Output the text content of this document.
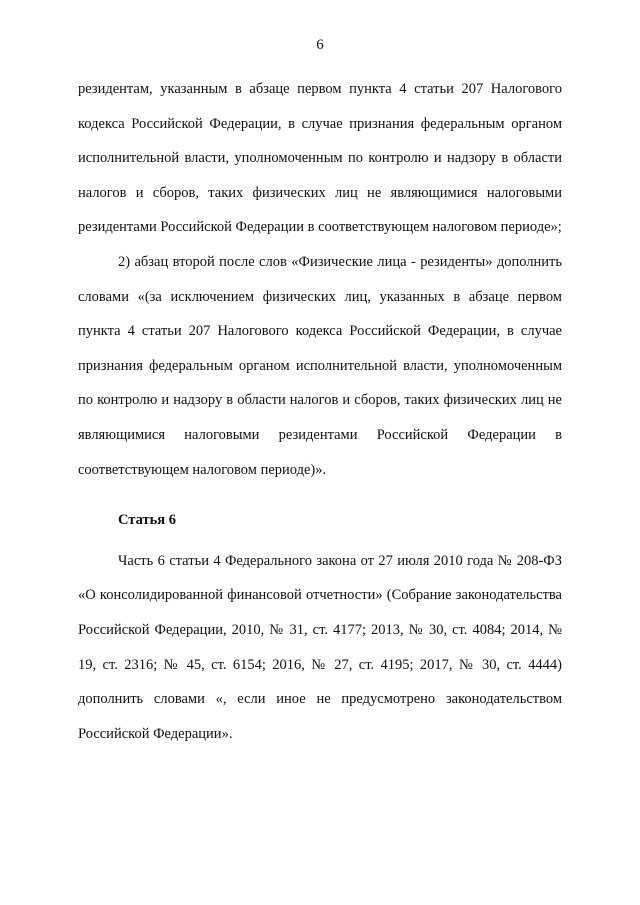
6

резидентам, указанным в абзаце первом пункта 4 статьи 207 Налогового кодекса Российской Федерации, в случае признания федеральным органом исполнительной власти, уполномоченным по контролю и надзору в области налогов и сборов, таких физических лиц не являющимися налоговыми резидентами Российской Федерации в соответствующем налоговом периоде»;

2) абзац второй после слов «Физические лица - резиденты» дополнить словами «(за исключением физических лиц, указанных в абзаце первом пункта 4 статьи 207 Налогового кодекса Российской Федерации, в случае признания федеральным органом исполнительной власти, уполномоченным по контролю и надзору в области налогов и сборов, таких физических лиц не являющимися налоговыми резидентами Российской Федерации в соответствующем налоговом периоде)».

Статья 6

Часть 6 статьи 4 Федерального закона от 27 июля 2010 года № 208-ФЗ «О консолидированной финансовой отчетности» (Собрание законодательства Российской Федерации, 2010, № 31, ст. 4177; 2013, № 30, ст. 4084; 2014, № 19, ст. 2316; № 45, ст. 6154; 2016, № 27, ст. 4195; 2017, № 30, ст. 4444) дополнить словами «, если иное не предусмотрено законодательством Российской Федерации».
